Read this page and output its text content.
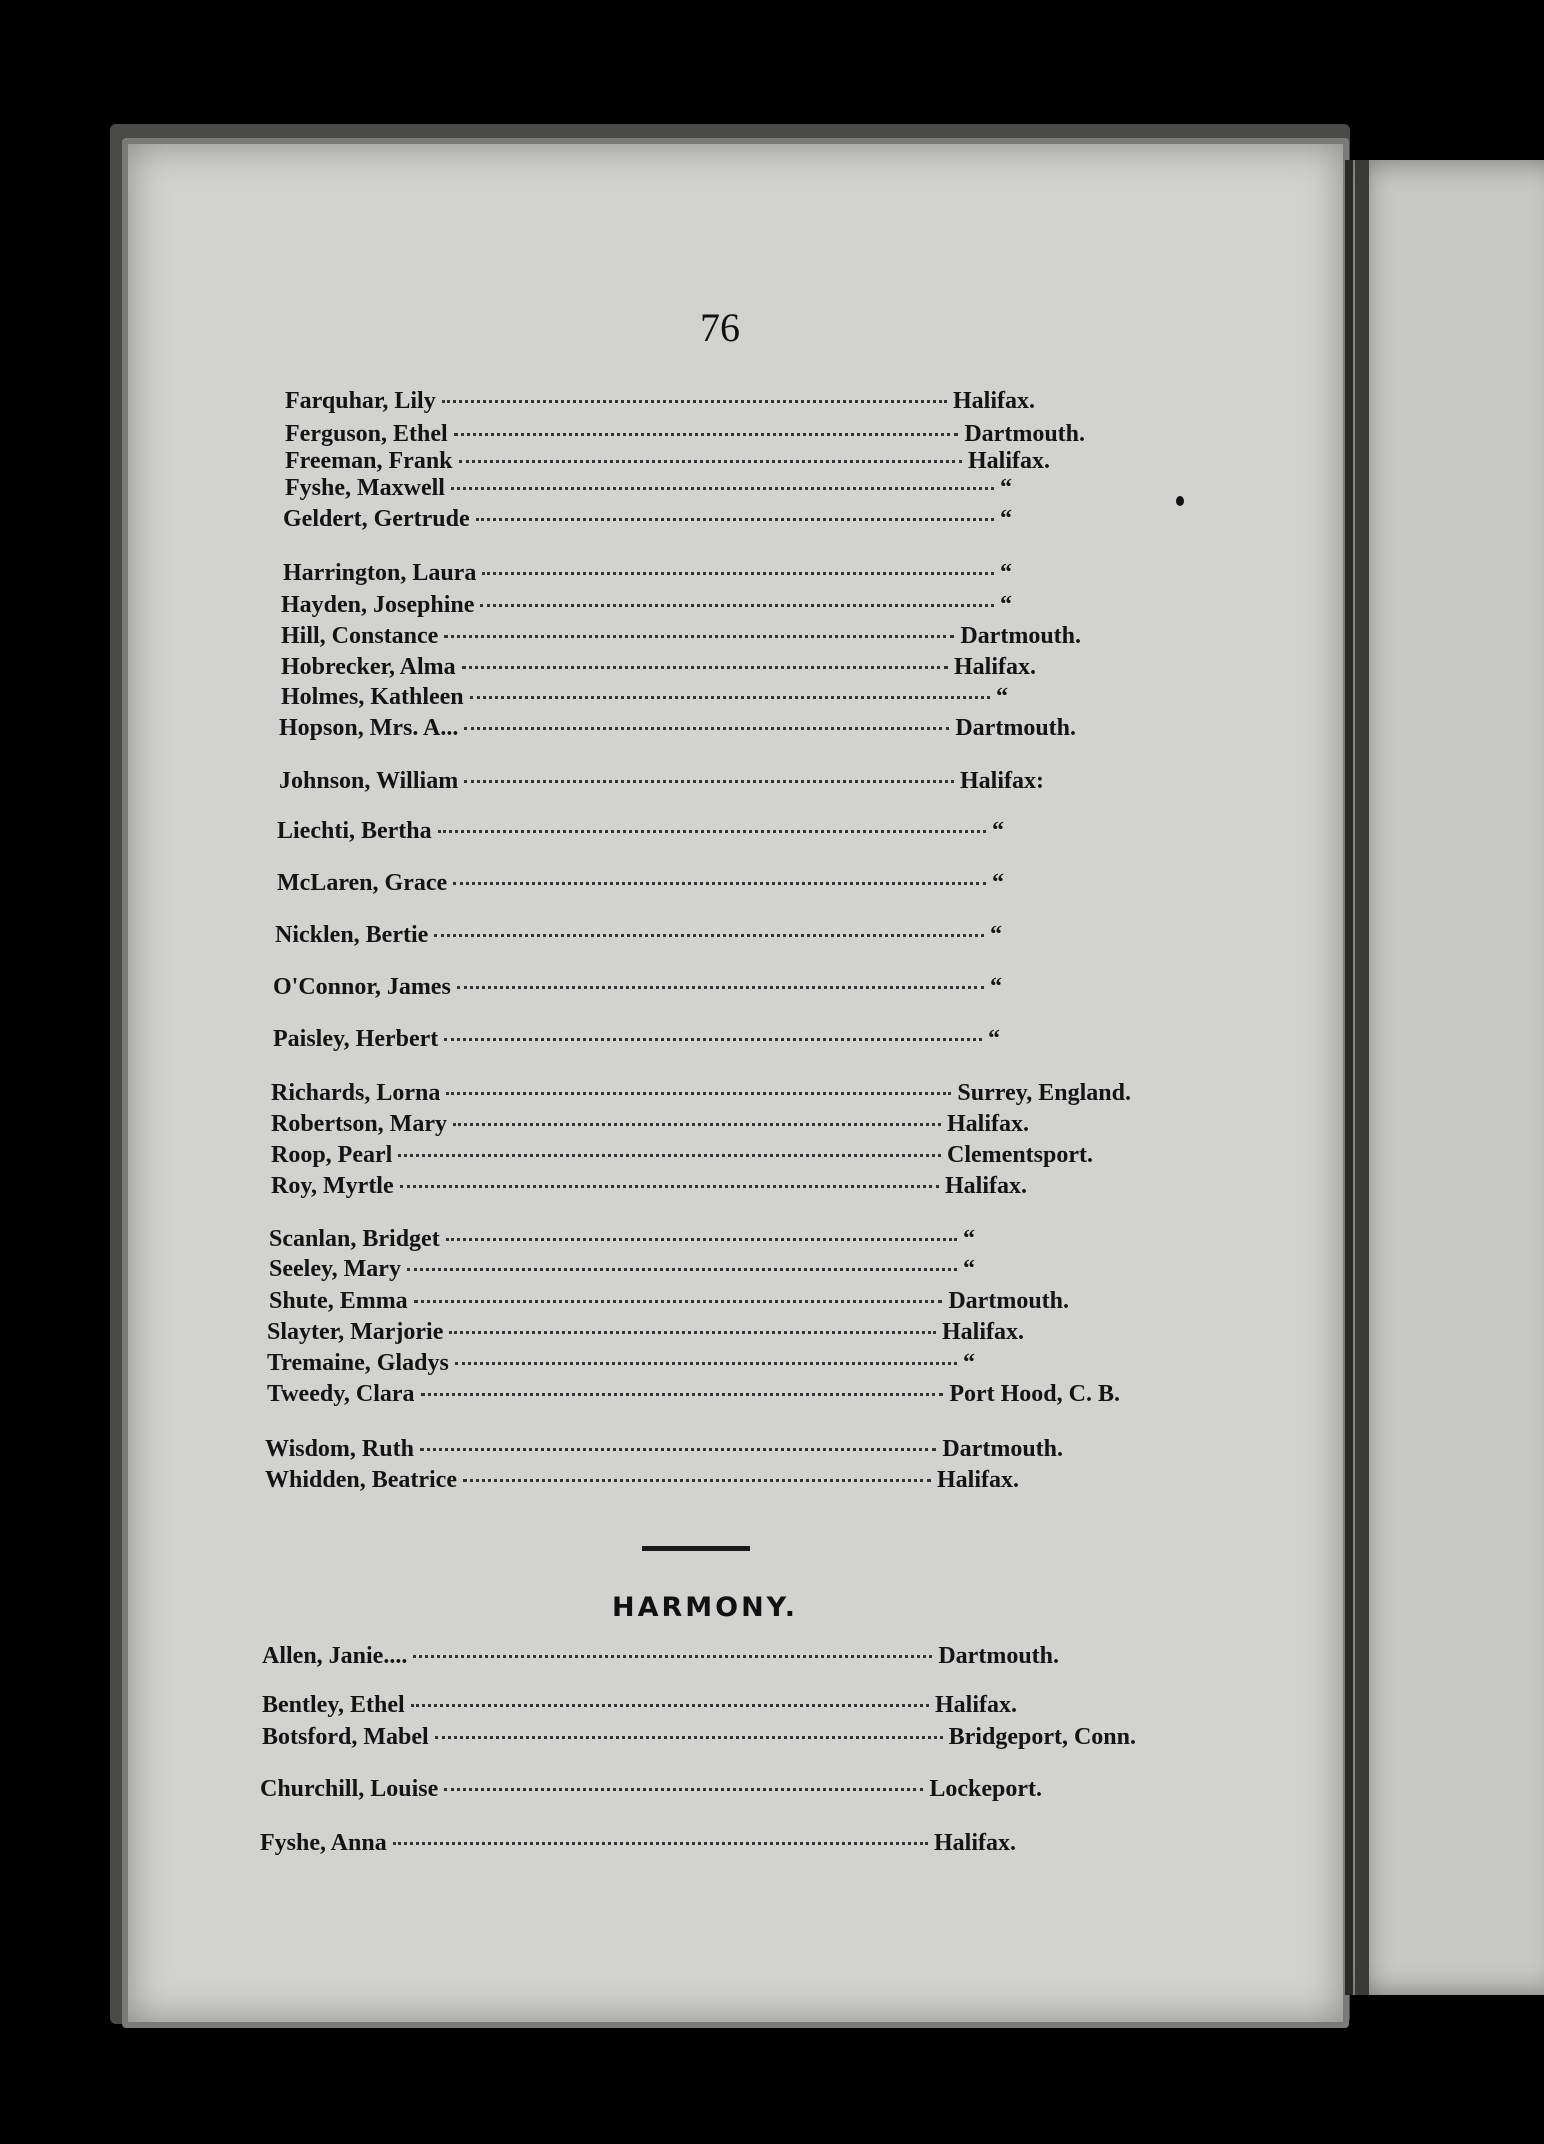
76
Farquhar, Lily	Halifax.
Ferguson, Ethel	Dartmouth.
Freeman, Frank	Halifax.
Fyshe, Maxwell	“
Geldert, Gertrude	“
Harrington, Laura	“
Hayden, Josephine	“
Hill, Constance	Dartmouth.
Hobrecker, Alma	Halifax.
Holmes, Kathleen	“
Hopson, Mrs. A...	Dartmouth.
Johnson, William	Halifax:
Liechti, Bertha	“
McLaren, Grace	“
Nicklen, Bertie	“
O'Connor, James	“
Paisley, Herbert	“
Richards, Lorna	Surrey, England.
Robertson, Mary	Halifax.
Roop, Pearl	Clementsport.
Roy, Myrtle	Halifax.
Scanlan, Bridget	“
Seeley, Mary	“
Shute, Emma	Dartmouth.
Slayter, Marjorie	Halifax.
Tremaine, Gladys	“
Tweedy, Clara	Port Hood, C. B.
Wisdom, Ruth	Dartmouth.
Whidden, Beatrice	Halifax.
HARMONY.
Allen, Janie....	Dartmouth.
Bentley, Ethel	Halifax.
Botsford, Mabel	Bridgeport, Conn.
Churchill, Louise	Lockeport.
Fyshe, Anna	Halifax.
